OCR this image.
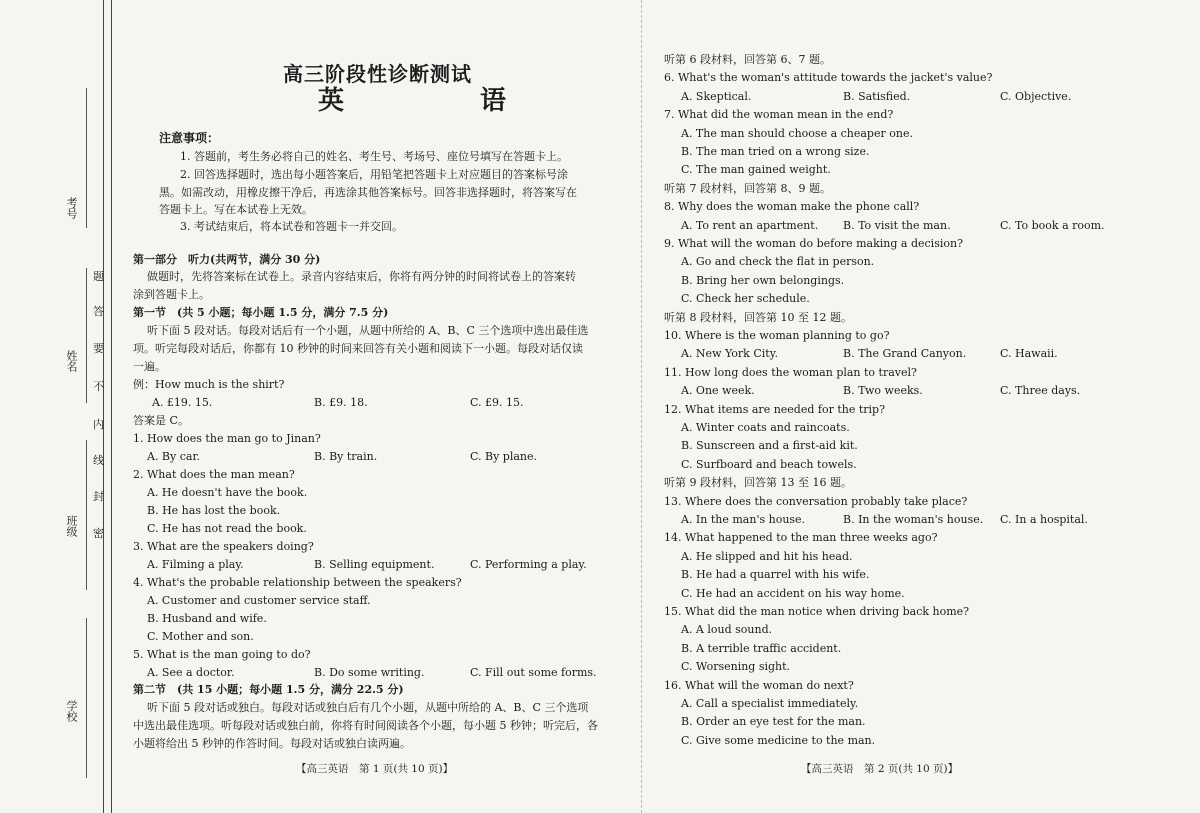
考号
姓名
班级
学校
题
答
要
不
内
线
封
密
高三阶段性诊断测试
英　　语
注意事项：
1. 答题前，考生务必将自己的姓名、考生号、考场号、座位号填写在答题卡上。
2. 回答选择题时，选出每小题答案后，用铅笔把答题卡上对应题目的答案标号涂
黑。如需改动，用橡皮擦干净后，再选涂其他答案标号。回答非选择题时，将答案写在
答题卡上。写在本试卷上无效。
3. 考试结束后，将本试卷和答题卡一并交回。
第一部分　听力(共两节，满分 30 分)
做题时，先将答案标在试卷上。录音内容结束后，你将有两分钟的时间将试卷上的答案转
涂到答题卡上。
第一节　(共 5 小题；每小题 1.5 分，满分 7.5 分)
听下面 5 段对话。每段对话后有一个小题，从题中所给的 A、B、C 三个选项中选出最佳选
项。听完每段对话后，你都有 10 秒钟的时间来回答有关小题和阅读下一小题。每段对话仅读
一遍。
例：How much is the shirt?
A. £19. 15.	B. £9. 18.	C. £9. 15.
答案是 C。
1. How does the man go to Jinan?
A. By car.	B. By train.	C. By plane.
2. What does the man mean?
A. He doesn't have the book.
B. He has lost the book.
C. He has not read the book.
3. What are the speakers doing?
A. Filming a play.	B. Selling equipment.	C. Performing a play.
4. What's the probable relationship between the speakers?
A. Customer and customer service staff.
B. Husband and wife.
C. Mother and son.
5. What is the man going to do?
A. See a doctor.	B. Do some writing.	C. Fill out some forms.
第二节　(共 15 小题；每小题 1.5 分，满分 22.5 分)
听下面 5 段对话或独白。每段对话或独白后有几个小题，从题中所给的 A、B、C 三个选项
中选出最佳选项。听每段对话或独白前，你将有时间阅读各个小题，每小题 5 秒钟；听完后，各
小题将给出 5 秒钟的作答时间。每段对话或独白读两遍。
【高三英语　第 1 页(共 10 页)】
听第 6 段材料，回答第 6、7 题。
6. What's the woman's attitude towards the jacket's value?
A. Skeptical.	B. Satisfied.	C. Objective.
7. What did the woman mean in the end?
A. The man should choose a cheaper one.
B. The man tried on a wrong size.
C. The man gained weight.
听第 7 段材料，回答第 8、9 题。
8. Why does the woman make the phone call?
A. To rent an apartment. B. To visit the man.	C. To book a room.
9. What will the woman do before making a decision?
A. Go and check the flat in person.
B. Bring her own belongings.
C. Check her schedule.
听第 8 段材料，回答第 10 至 12 题。
10. Where is the woman planning to go?
A. New York City.	B. The Grand Canyon.	C. Hawaii.
11. How long does the woman plan to travel?
A. One week.	B. Two weeks.	C. Three days.
12. What items are needed for the trip?
A. Winter coats and raincoats.
B. Sunscreen and a first-aid kit.
C. Surfboard and beach towels.
听第 9 段材料，回答第 13 至 16 题。
13. Where does the conversation probably take place?
A. In the man's house.	B. In the woman's house. C. In a hospital.
14. What happened to the man three weeks ago?
A. He slipped and hit his head.
B. He had a quarrel with his wife.
C. He had an accident on his way home.
15. What did the man notice when driving back home?
A. A loud sound.
B. A terrible traffic accident.
C. Worsening sight.
16. What will the woman do next?
A. Call a specialist immediately.
B. Order an eye test for the man.
C. Give some medicine to the man.
【高三英语　第 2 页(共 10 页)】
